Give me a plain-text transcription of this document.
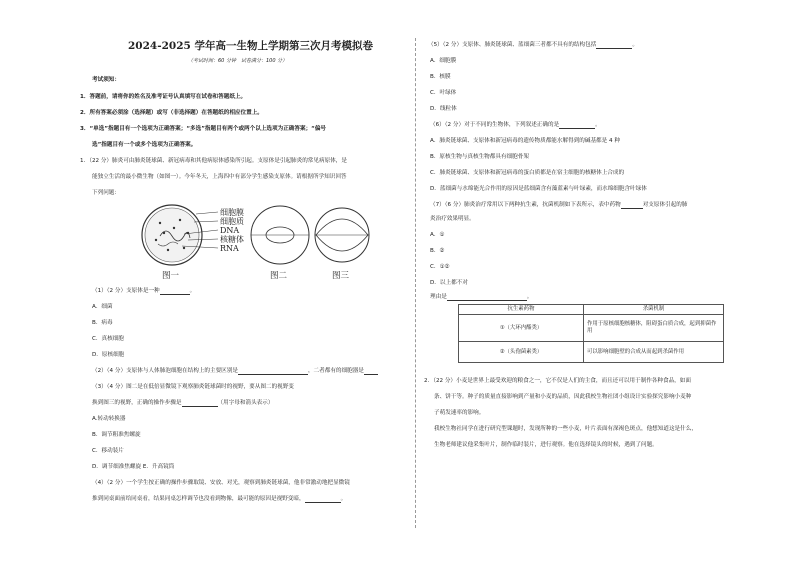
2024-2025 学年高一生物上学期第三次月考模拟卷
（考试时间：60 分钟　试卷满分：100 分）
考试须知：
1．答题前，请将你的姓名及准考证号认真填写在试卷和答题纸上。
2．所有答案必须涂（选择题）或写（非选择题）在答题纸的相应位置上。
3．“单选”指题目有一个选项为正确答案；“多选”指题目有两个或两个以上选项为正确答案；“偏号
选”指题目有一个或多个选项为正确答案。
1．（22 分）肺炎可由肺炎链球菌、新冠病毒和其他病原体感染所引起。支原体是引起肺炎的常见病原体，是
能独立生活的最小微生物（如图一）。今年冬天，上海四中有部分学生感染支原体。请根据所学知识回答
下列问题：
细胞膜
细胞质
DNA
核糖体
RNA
图一	图二	图三
（1）（2 分）支原体是一种	。
A．细菌
B．病毒
C．真核细胞
D．原核细胞
（2）（4 分）支原体与人体肺泡细胞在结构上的主要区别是	，二者都有的细胞器是
（3）（4 分）图二是在低倍显微镜下观察肺炎链球菌时的视野，要从图二的视野变
换到图三的视野，正确的操作步骤是	（用字母和箭头表示）
A.转动转换器
B．调节粗准焦螺旋
C．移动装片
D．调节细准焦螺旋 E．升高镜筒
（4）（2 分）一个学生按正确的操作步骤取镜、安放、对光，观察到肺炎链球菌，他非常激动地把显微镜
推到同桌面前给同桌看，结果同桌怎样调节也没看到物像，最可能的原因是视野变暗，	。
（5）（2 分）支原体、肺炎链球菌、蓝细菌三者都不具有的结构包括	。
A．细胞膜
B．核膜
C．叶绿体
D．线粒体
（6）（2 分）对于不同的生物体，下列叙述正确的是	。
A．肺炎链球菌、支原体和新冠病毒的遗传物质都能水解得到的碱基都是 4 种
B．原核生物与真核生物都具有细胞骨架
C．肺炎链球菌、支原体和新冠病毒的蛋白质都是在宿主细胞的核糖体上合成的
D．蓝细菌与水绵能光合作用的原因是蓝细菌含有藻蓝素与叶绿素，而水绵细胞含叶绿体
（7）（6 分）肺炎治疗常用以下两种抗生素，抗菌机制如下表所示，表中药物	对支原体引起的肺
炎治疗效果明显。
A．①
B．②
C．①②
D．以上都不对
理由是	。
抗生素药物	杀菌机制
①（大环内酯类）	作用于原核细胞核糖体，阻碍蛋白质合成，起到抑菌作用
②（头孢菌素类）	可以影响细胞壁的合成从而起到杀菌作用
2．（22 分）小麦是世界上最受欢迎的粮食之一，它不仅是人们的主食，而且还可以用于制作各种食品，如面
条、饼干等。种子的质量直接影响到产量和小麦的品质，因此我校生物社团小组设计实验探究影响小麦种
子萌发速率的影响。
我校生物社同学在进行研究型课题时，发现所种的一些小麦，叶片表面有深褐色斑点，他想知道这是什么，
生物老师建议他采集叶片，制作临时装片，进行观察。他在选择镜头的时候，遇到了问题。
